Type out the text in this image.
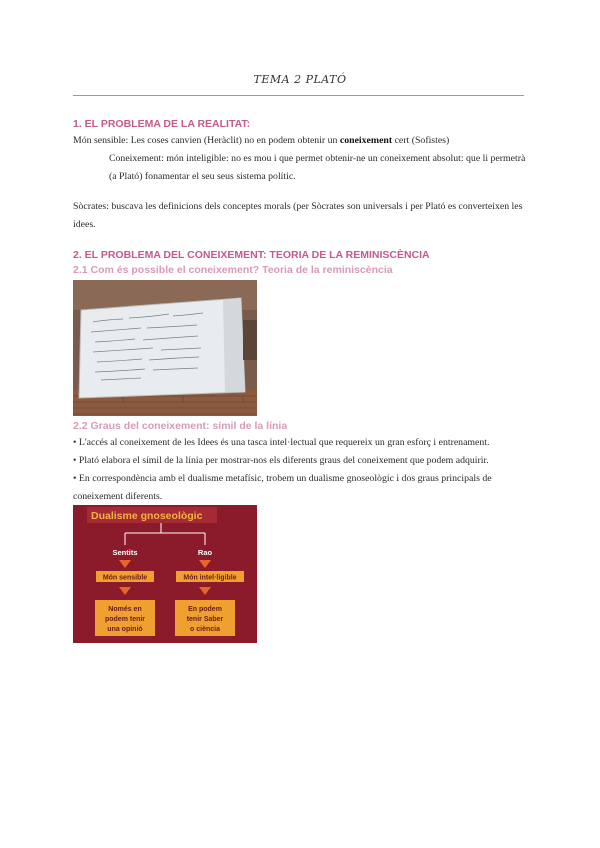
TEMA 2 PLATÓ
1. EL PROBLEMA DE LA REALITAT:
Món sensible: Les coses canvien (Heràclit) no en podem obtenir un coneixement cert (Sofistes)
Coneixement: món inteligible: no es mou i que permet obtenir-ne un coneixement absolut: que li permetrà (a Plató) fonamentar el seu seus sistema polític.
Sòcrates: buscava les definicions dels conceptes morals (per Sòcrates son universals i per Plató es converteixen les idees.
2. EL PROBLEMA DEL CONEIXEMENT: TEORIA DE LA REMINISCÈNCIA
2.1 Com és possible el coneixement? Teoria de la reminiscència
2.2 Graus del coneixement: símil de la línia
• L'accés al coneixement de les Idees és una tasca intel·lectual que requereix un gran esforç i entrenament.
• Plató elabora el símil de la línia per mostrar-nos els diferents graus del coneixement que podem adquirir.
• En correspondència amb el dualisme metafísic, trobem un dualisme gnoseològic i dos graus principals de coneixement diferents.
Dualisme gnoseològic
Sentits	Rao
Món sensible	Món intel·ligible
Només en
podem tenir
una opinió
En podem
tenir Saber
o ciència
